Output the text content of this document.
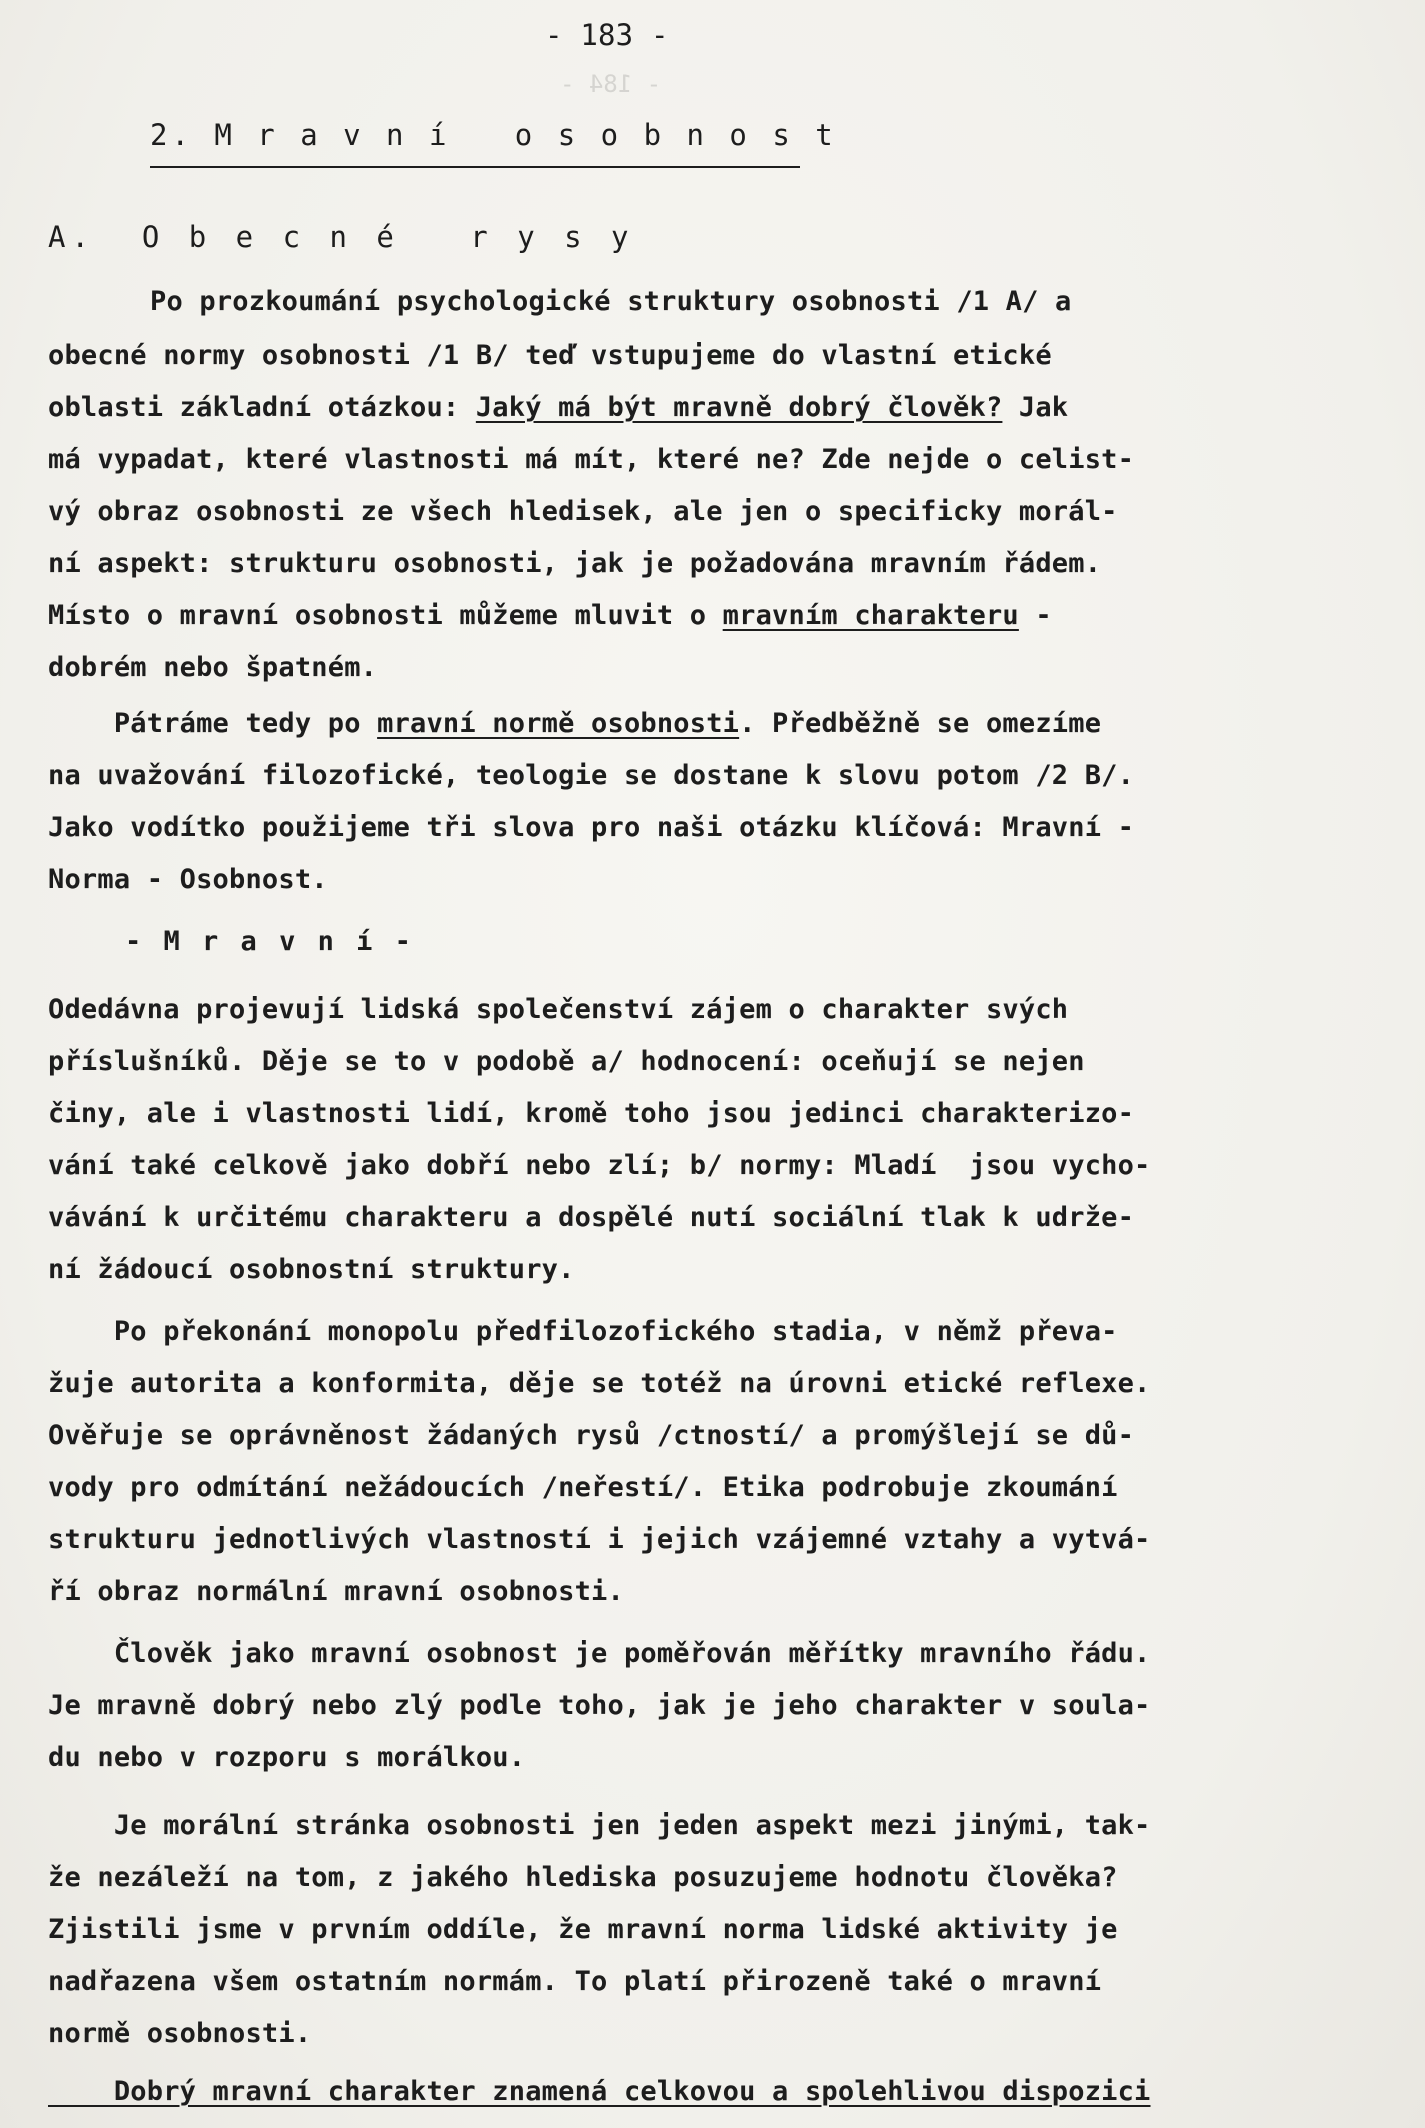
- 184 -
- 183 -
2. M r a v n í   o s o b n o s t
A.  O b e c n é   r y s y
Po prozkoumání psychologické struktury osobnosti /1 A/ a
obecné normy osobnosti /1 B/ teď vstupujeme do vlastní etické
oblasti základní otázkou: Jaký má být mravně dobrý člověk? Jak
má vypadat, které vlastnosti má mít, které ne? Zde nejde o celist-
vý obraz osobnosti ze všech hledisek, ale jen o specificky morál-
ní aspekt: strukturu osobnosti, jak je požadována mravním řádem.
Místo o mravní osobnosti můžeme mluvit o mravním charakteru -
dobrém nebo špatném.
Pátráme tedy po mravní normě osobnosti. Předběžně se omezíme
na uvažování filozofické, teologie se dostane k slovu potom /2 B/.
Jako vodítko použijeme tři slova pro naši otázku klíčová: Mravní -
Norma - Osobnost.
- M r a v n í -
Odedávna projevují lidská společenství zájem o charakter svých
příslušníků. Děje se to v podobě a/ hodnocení: oceňují se nejen
činy, ale i vlastnosti lidí, kromě toho jsou jedinci charakterizo-
vání také celkově jako dobří nebo zlí; b/ normy: Mladí  jsou vycho-
vávání k určitému charakteru a dospělé nutí sociální tlak k udrže-
ní žádoucí osobnostní struktury.
Po překonání monopolu předfilozofického stadia, v němž převa-
žuje autorita a konformita, děje se totéž na úrovni etické reflexe.
Ověřuje se oprávněnost žádaných rysů /ctností/ a promýšlejí se dů-
vody pro odmítání nežádoucích /neřestí/. Etika podrobuje zkoumání
strukturu jednotlivých vlastností i jejich vzájemné vztahy a vytvá-
ří obraz normální mravní osobnosti.
Člověk jako mravní osobnost je poměřován měřítky mravního řádu.
Je mravně dobrý nebo zlý podle toho, jak je jeho charakter v soula-
du nebo v rozporu s morálkou.
Je morální stránka osobnosti jen jeden aspekt mezi jinými, tak-
že nezáleží na tom, z jakého hlediska posuzujeme hodnotu člověka?
Zjistili jsme v prvním oddíle, že mravní norma lidské aktivity je
nadřazena všem ostatním normám. To platí přirozeně také o mravní
normě osobnosti.
Dobrý mravní charakter znamená celkovou a spolehlivou dispozici
